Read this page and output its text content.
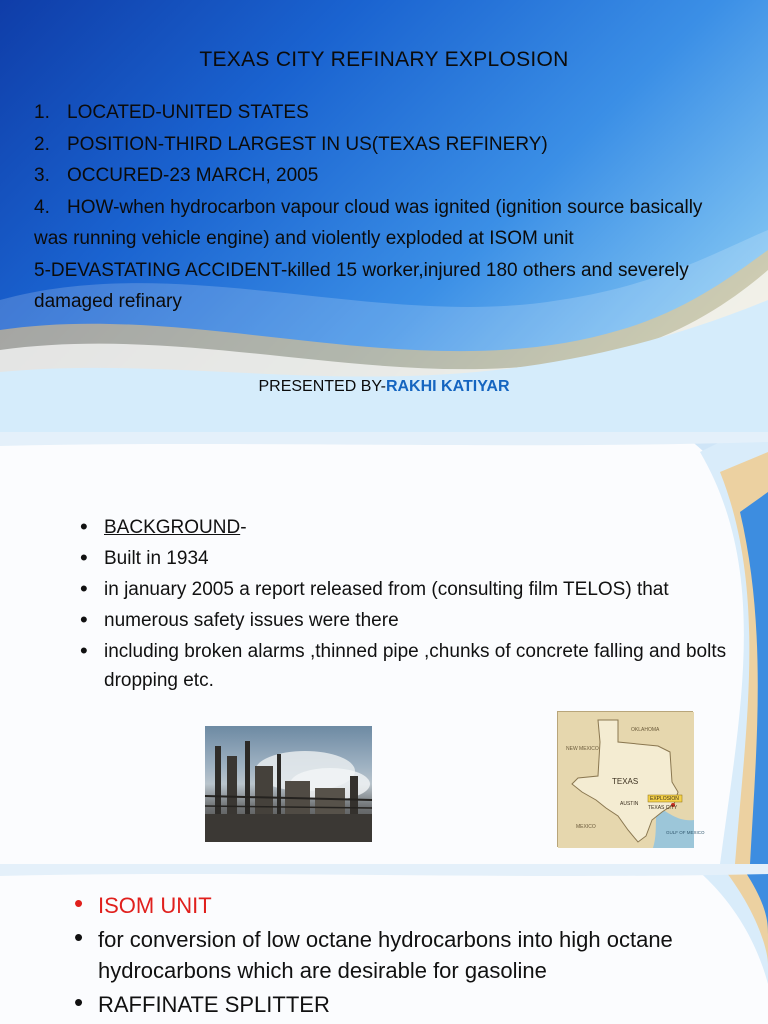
TEXAS CITY REFINARY EXPLOSION

1. LOCATED-UNITED STATES

2. POSITION-THIRD LARGEST IN US(TEXAS REFINERY)

3. OCCURED-23 MARCH, 2005

4. HOW-when hydrocarbon vapour cloud was ignited (ignition source basically was running vehicle engine) and violently exploded at ISOM unit

5-DEVASTATING ACCIDENT-killed 15 worker,injured 180 others and severely damaged refinary

PRESENTED BY-RAKHI KATIYAR
• BACKGROUND-
• Built in 1934
• in january 2005 a report released from (consulting film TELOS) that
• numerous safety issues were there
• including broken alarms ,thinned pipe ,chunks of concrete falling and bolts dropping etc.
OKLAHOMA
NEW MEXICO
TEXAS
EXPLOSION
AUSTIN
TEXAS CITY
MEXICO
GULF OF MEXICO
• ISOM UNIT
• for conversion of low octane hydrocarbons into high octane hydrocarbons which are desirable for gasoline
• RAFFINATE SPLITTER
